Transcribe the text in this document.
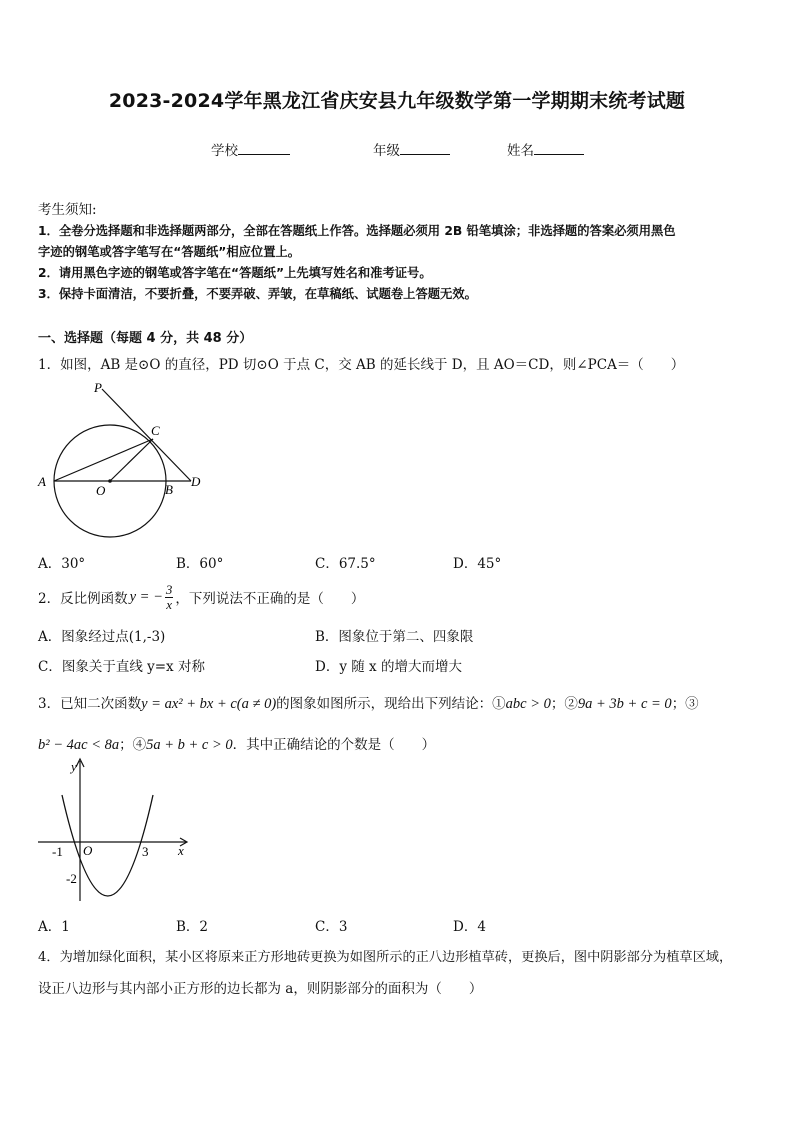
2023-2024学年黑龙江省庆安县九年级数学第一学期期末统考试题
学校	年级	姓名
考生须知:
1．全卷分选择题和非选择题两部分，全部在答题纸上作答。选择题必须用 2B 铅笔填涂；非选择题的答案必须用黑色
字迹的钢笔或答字笔写在“答题纸”相应位置上。
2．请用黑色字迹的钢笔或答字笔在“答题纸”上先填写姓名和准考证号。
3．保持卡面清洁，不要折叠，不要弄破、弄皱，在草稿纸、试题卷上答题无效。
一、选择题（每题 4 分，共 48 分）
1．如图，AB 是⊙O 的直径，PD 切⊙O 于点 C，交 AB 的延长线于 D，且 AO＝CD，则∠PCA＝（　　）
P
C
A
O	B
D
A．30°	B．60°	C．67.5°	D．45°
2．反比例函数 y = − $\frac{3}{x}$ ，下列说法不正确的是（　　）
A．图象经过点(1,-3)	B．图象位于第二、四象限
C．图象关于直线 y=x 对称	D．y 随 x 的增大而增大
3．已知二次函数y = ax² + bx + c(a ≠ 0)的图象如图所示，现给出下列结论：①abc > 0；②9a + 3b + c = 0；③
b² − 4ac < 8a；④5a + b + c > 0．其中正确结论的个数是（　　）
y
x
O
-1	3
-2
A．1	B．2	C．3	D．4
4．为增加绿化面积，某小区将原来正方形地砖更换为如图所示的正八边形植草砖，更换后，图中阴影部分为植草区域，
设正八边形与其内部小正方形的边长都为 a，则阴影部分的面积为（　　）
